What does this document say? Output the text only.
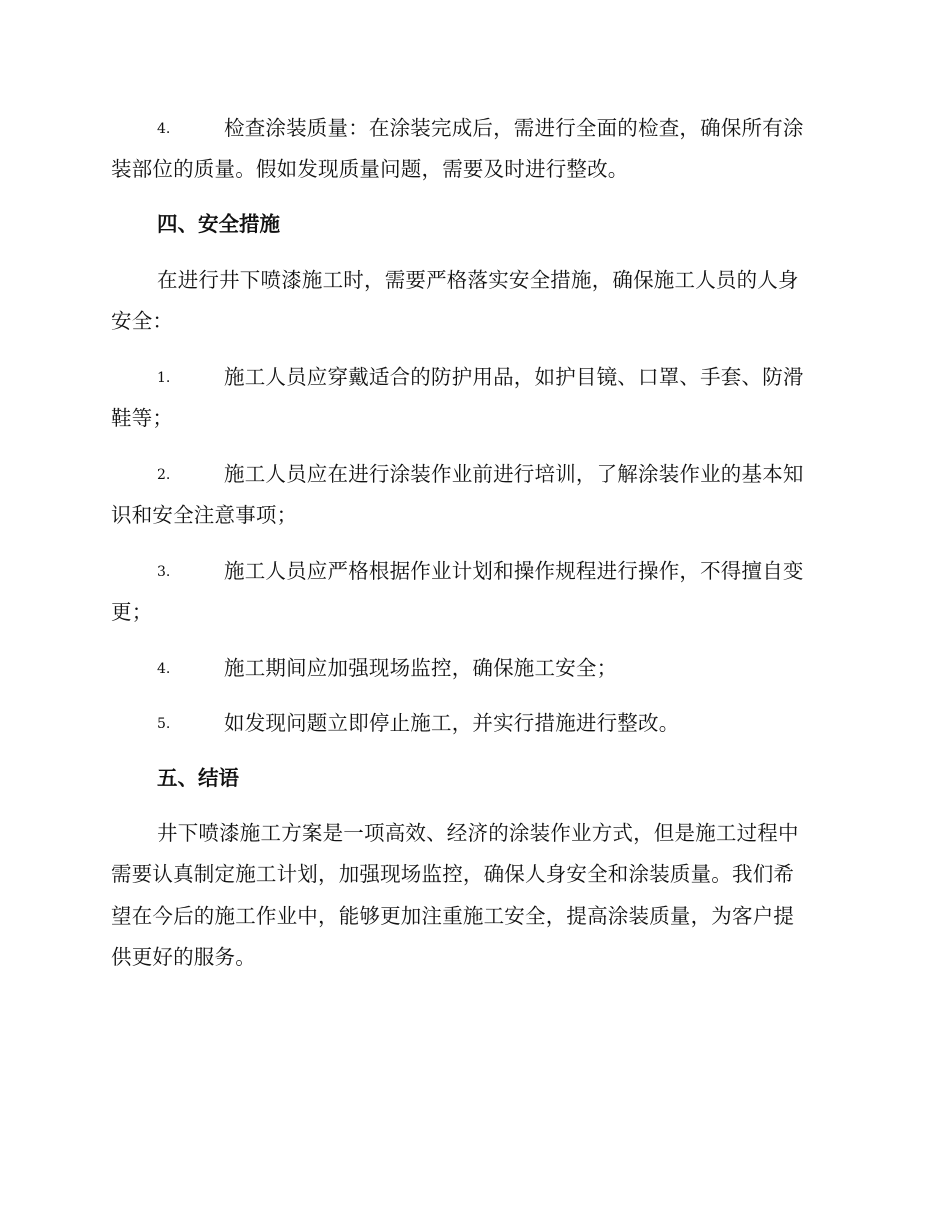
4.	检查涂装质量：在涂装完成后，需进行全面的检查，确保所有涂
装部位的质量。假如发现质量问题，需要及时进行整改。
四、安全措施
在进行井下喷漆施工时，需要严格落实安全措施，确保施工人员的人身
安全：
1.	施工人员应穿戴适合的防护用品，如护目镜、口罩、手套、防滑
鞋等；
2.	施工人员应在进行涂装作业前进行培训，了解涂装作业的基本知
识和安全注意事项；
3.	施工人员应严格根据作业计划和操作规程进行操作，不得擅自变
更；
4.	施工期间应加强现场监控，确保施工安全；
5.	如发现问题立即停止施工，并实行措施进行整改。
五、结语
井下喷漆施工方案是一项高效、经济的涂装作业方式，但是施工过程中
需要认真制定施工计划，加强现场监控，确保人身安全和涂装质量。我们希
望在今后的施工作业中，能够更加注重施工安全，提高涂装质量，为客户提
供更好的服务。
